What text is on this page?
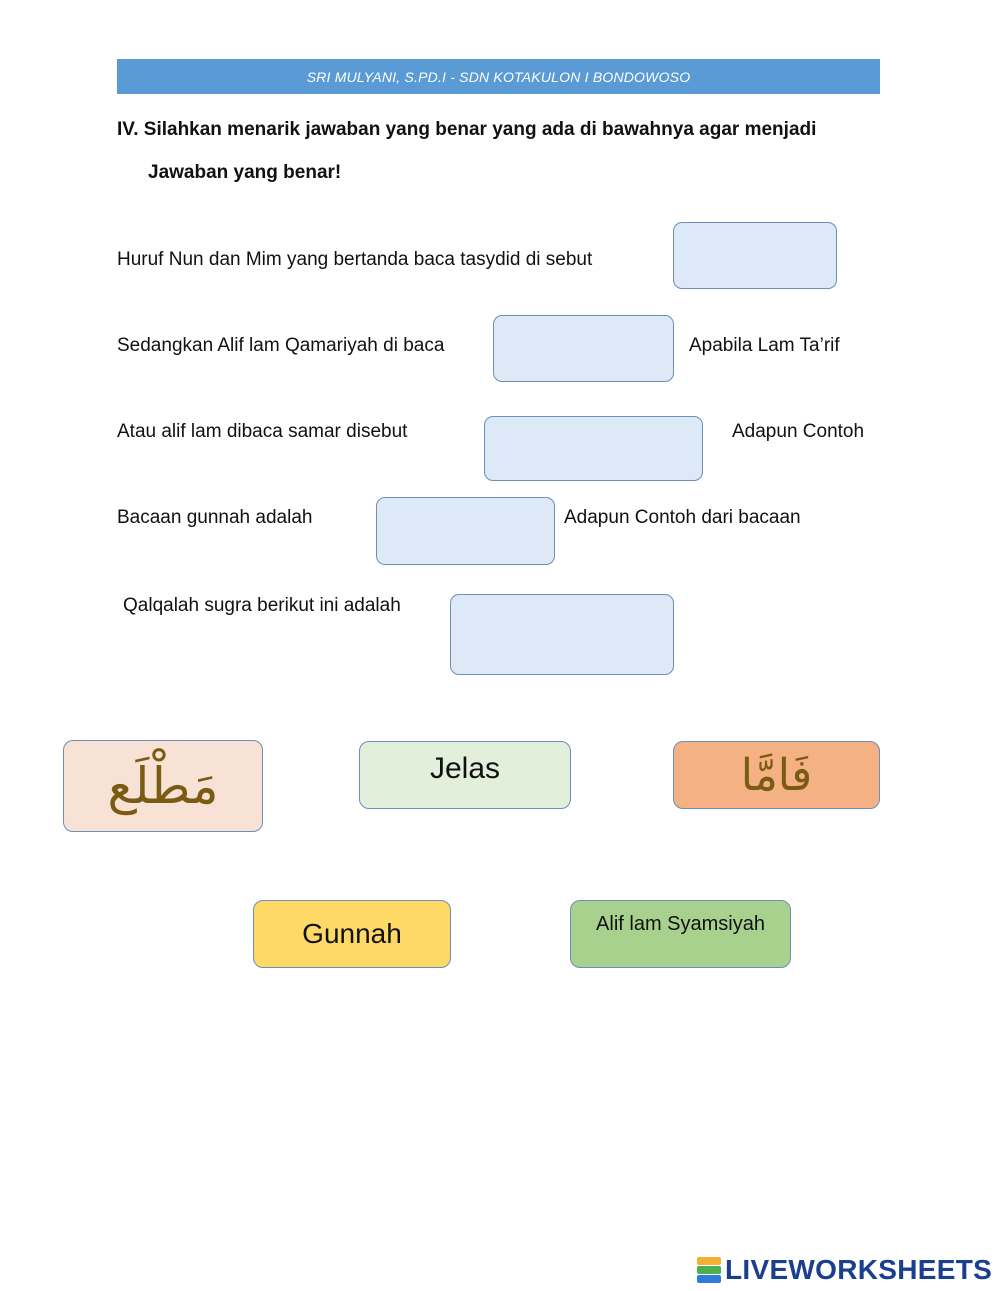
SRI MULYANI, S.PD.I - SDN KOTAKULON I BONDOWOSO
IV. Silahkan menarik jawaban yang benar yang ada di bawahnya agar menjadi
Jawaban yang benar!
Huruf Nun dan Mim yang bertanda baca tasydid di sebut
Sedangkan Alif lam Qamariyah di baca	Apabila Lam Ta’rif
Atau alif lam dibaca samar disebut	Adapun Contoh
Bacaan gunnah adalah	Adapun Contoh dari bacaan
Qalqalah sugra berikut ini adalah
مَطْلَع	Jelas	فَامَّا
Gunnah	Alif lam Syamsiyah
LIVEWORKSHEETS
